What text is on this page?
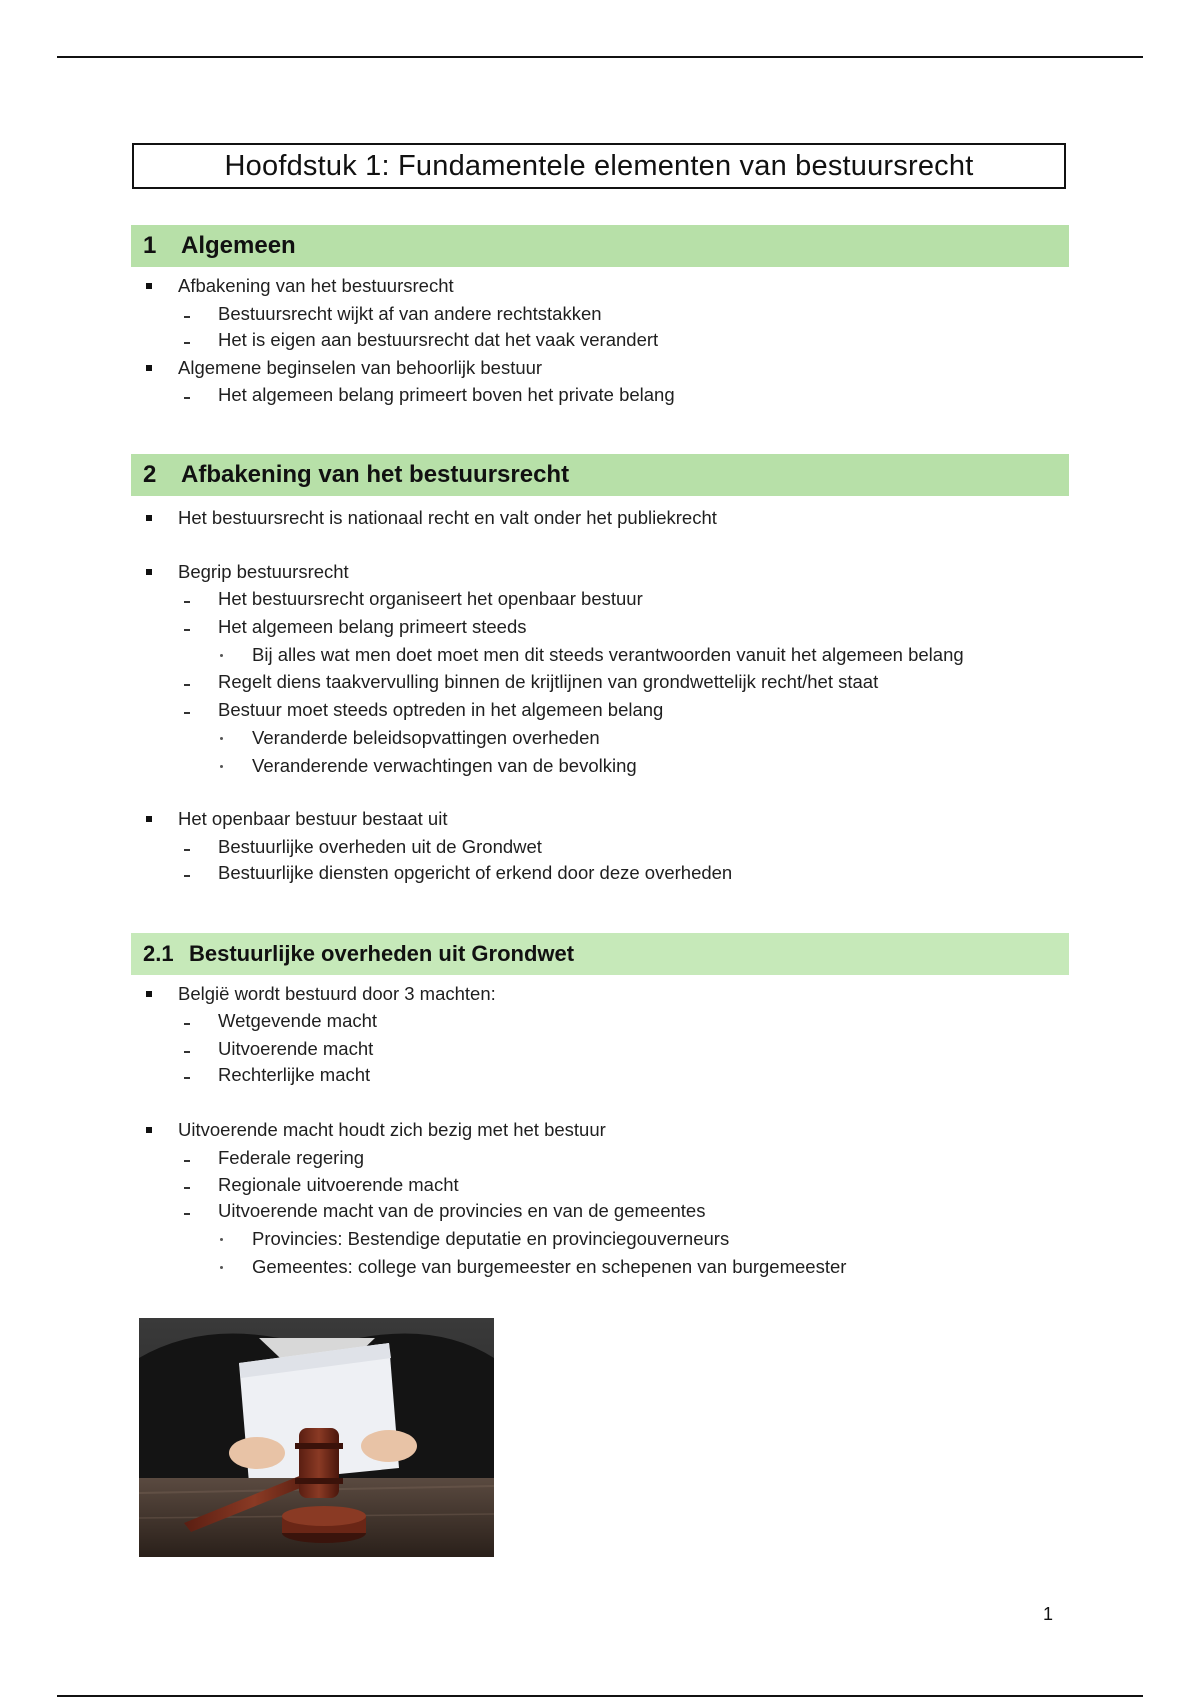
Hoofdstuk 1: Fundamentele elementen van bestuursrecht
1	Algemeen
Afbakening van het bestuursrecht
Bestuursrecht wijkt af van andere rechtstakken
Het is eigen aan bestuursrecht dat het vaak verandert
Algemene beginselen van behoorlijk bestuur
Het algemeen belang primeert boven het private belang
2	Afbakening van het bestuursrecht
Het bestuursrecht is nationaal recht en valt onder het publiekrecht
Begrip bestuursrecht
Het bestuursrecht organiseert het openbaar bestuur
Het algemeen belang primeert steeds
Bij alles wat men doet moet men dit steeds verantwoorden vanuit het algemeen belang
Regelt diens taakvervulling binnen de krijtlijnen van grondwettelijk recht/het staat
Bestuur moet steeds optreden in het algemeen belang
Veranderde beleidsopvattingen overheden
Veranderende verwachtingen van de bevolking
Het openbaar bestuur bestaat uit
Bestuurlijke overheden uit de Grondwet
Bestuurlijke diensten opgericht of erkend door deze overheden
2.1 Bestuurlijke overheden uit Grondwet
België wordt bestuurd door 3 machten:
Wetgevende macht
Uitvoerende macht
Rechterlijke macht
Uitvoerende macht houdt zich bezig met het bestuur
Federale regering
Regionale uitvoerende macht
Uitvoerende macht van de provincies en van de gemeentes
Provincies: Bestendige deputatie en provinciegouverneurs
Gemeentes: college van burgemeester en schepenen van burgemeester
1
